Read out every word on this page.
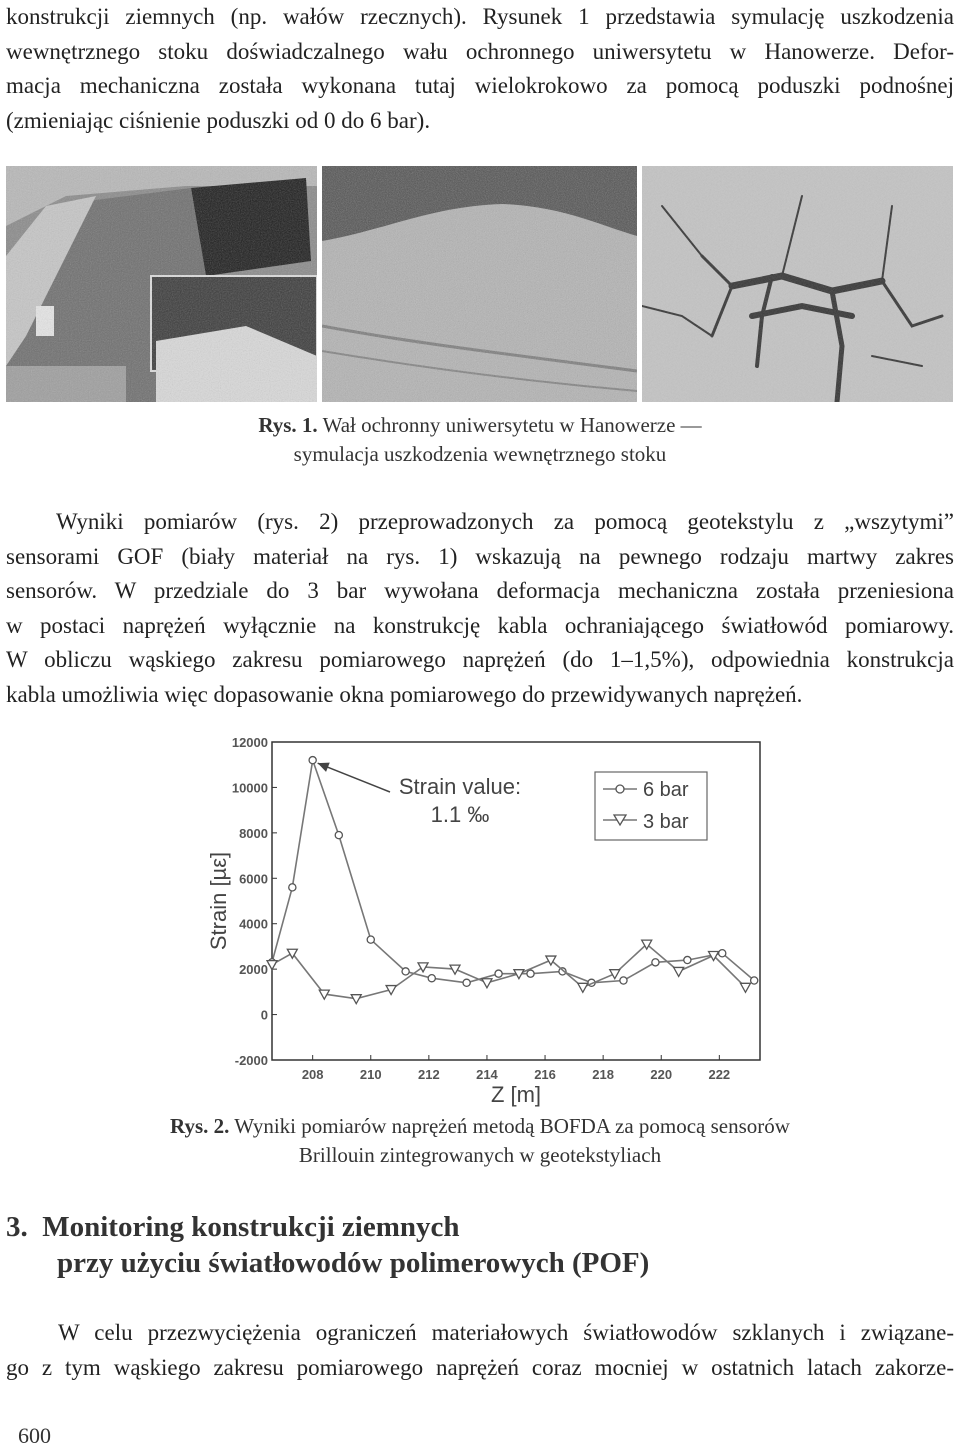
konstrukcji ziemnych (np. wałów rzecznych). Rysunek 1 przedstawia symulację uszkodzenia
wewnętrznego stoku doświadczalnego wału ochronnego uniwersytetu w Hanowerze. Defor-
macja mechaniczna została wykonana tutaj wielokrokowo za pomocą poduszki podnośnej
(zmieniając ciśnienie poduszki od 0 do 6 bar).
Rys. 1. Wał ochronny uniwersytetu w Hanowerze —
symulacja uszkodzenia wewnętrznego stoku
Wyniki pomiarów (rys. 2) przeprowadzonych za pomocą geotekstylu z „wszytymi”
sensorami GOF (biały materiał na rys. 1) wskazują na pewnego rodzaju martwy zakres
sensorów. W przedziale do 3 bar wywołana deformacja mechaniczna została przeniesiona
w postaci naprężeń wyłącznie na konstrukcję kabla ochraniającego światłowód pomiarowy.
W obliczu wąskiego zakresu pomiarowego naprężeń (do 1–1,5%), odpowiednia konstrukcja
kabla umożliwia więc dopasowanie okna pomiarowego do przewidywanych naprężeń.
12000
10000
8000
6000
4000
2000
0
-2000
208	210	212	214	216	218	220	222
Strain [µε]
Z [m]
Strain value:
1.1 ‰
6 bar
3 bar
Rys. 2. Wyniki pomiarów naprężeń metodą BOFDA za pomocą sensorów
Brillouin zintegrowanych w geotekstyliach
3. Monitoring konstrukcji ziemnych
przy użyciu światłowodów polimerowych (POF)
W celu przezwyciężenia ograniczeń materiałowych światłowodów szklanych i związane-
go z tym wąskiego zakresu pomiarowego naprężeń coraz mocniej w ostatnich latach zakorze-
600
